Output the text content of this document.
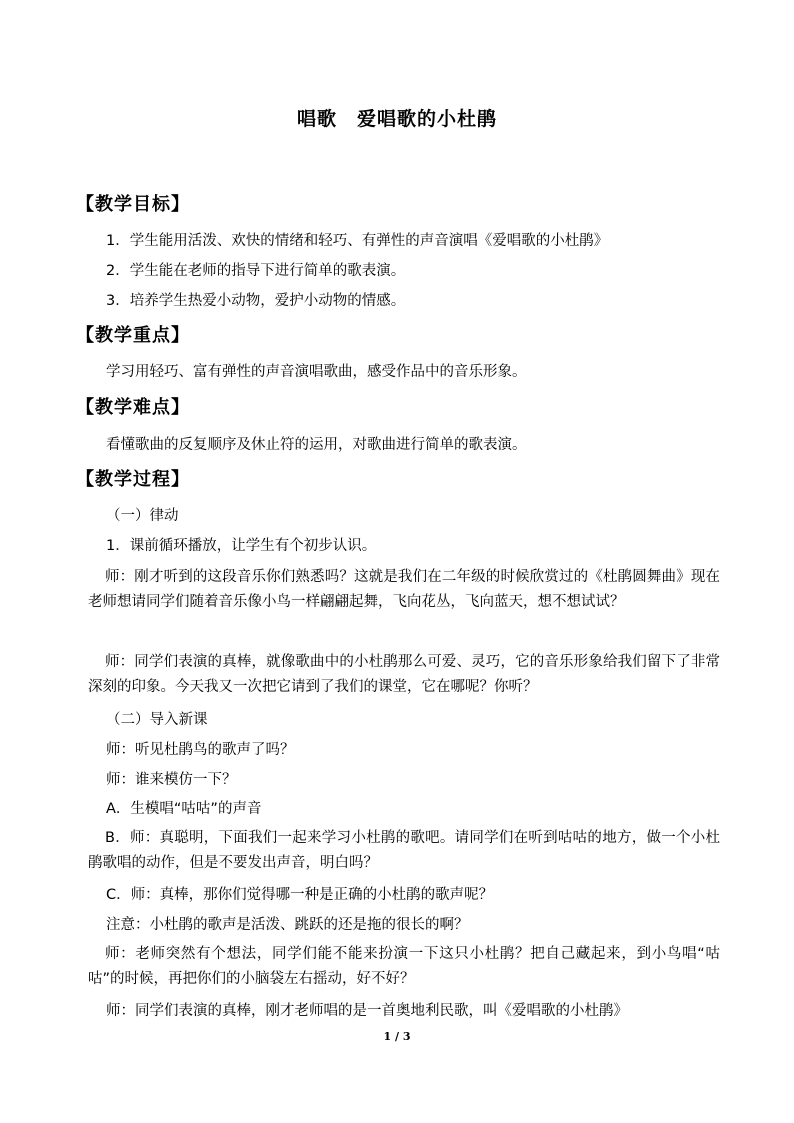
唱歌　爱唱歌的小杜鹃
【教学目标】
1．学生能用活泼、欢快的情绪和轻巧、有弹性的声音演唱《爱唱歌的小杜鹃》
2．学生能在老师的指导下进行简单的歌表演。
3．培养学生热爱小动物，爱护小动物的情感。
【教学重点】
学习用轻巧、富有弹性的声音演唱歌曲，感受作品中的音乐形象。
【教学难点】
看懂歌曲的反复顺序及休止符的运用，对歌曲进行简单的歌表演。
【教学过程】
（一）律动
1．课前循环播放，让学生有个初步认识。
师：刚才听到的这段音乐你们熟悉吗？这就是我们在二年级的时候欣赏过的《杜鹃圆舞曲》现在老师想请同学们随着音乐像小鸟一样翩翩起舞，飞向花丛，飞向蓝天，想不想试试？
师：同学们表演的真棒，就像歌曲中的小杜鹃那么可爱、灵巧，它的音乐形象给我们留下了非常深刻的印象。今天我又一次把它请到了我们的课堂，它在哪呢？你听？
（二）导入新课
师：听见杜鹃鸟的歌声了吗？
师：谁来模仿一下？
A．生模唱“咕咕”的声音
B．师：真聪明，下面我们一起来学习小杜鹃的歌吧。请同学们在听到咕咕的地方，做一个小杜鹃歌唱的动作，但是不要发出声音，明白吗？
C．师：真棒，那你们觉得哪一种是正确的小杜鹃的歌声呢？
注意：小杜鹃的歌声是活泼、跳跃的还是拖的很长的啊？
师：老师突然有个想法，同学们能不能来扮演一下这只小杜鹃？把自己藏起来，到小鸟唱“咕咕”的时候，再把你们的小脑袋左右摇动，好不好？
师：同学们表演的真棒，刚才老师唱的是一首奥地利民歌，叫《爱唱歌的小杜鹃》
1 / 3
